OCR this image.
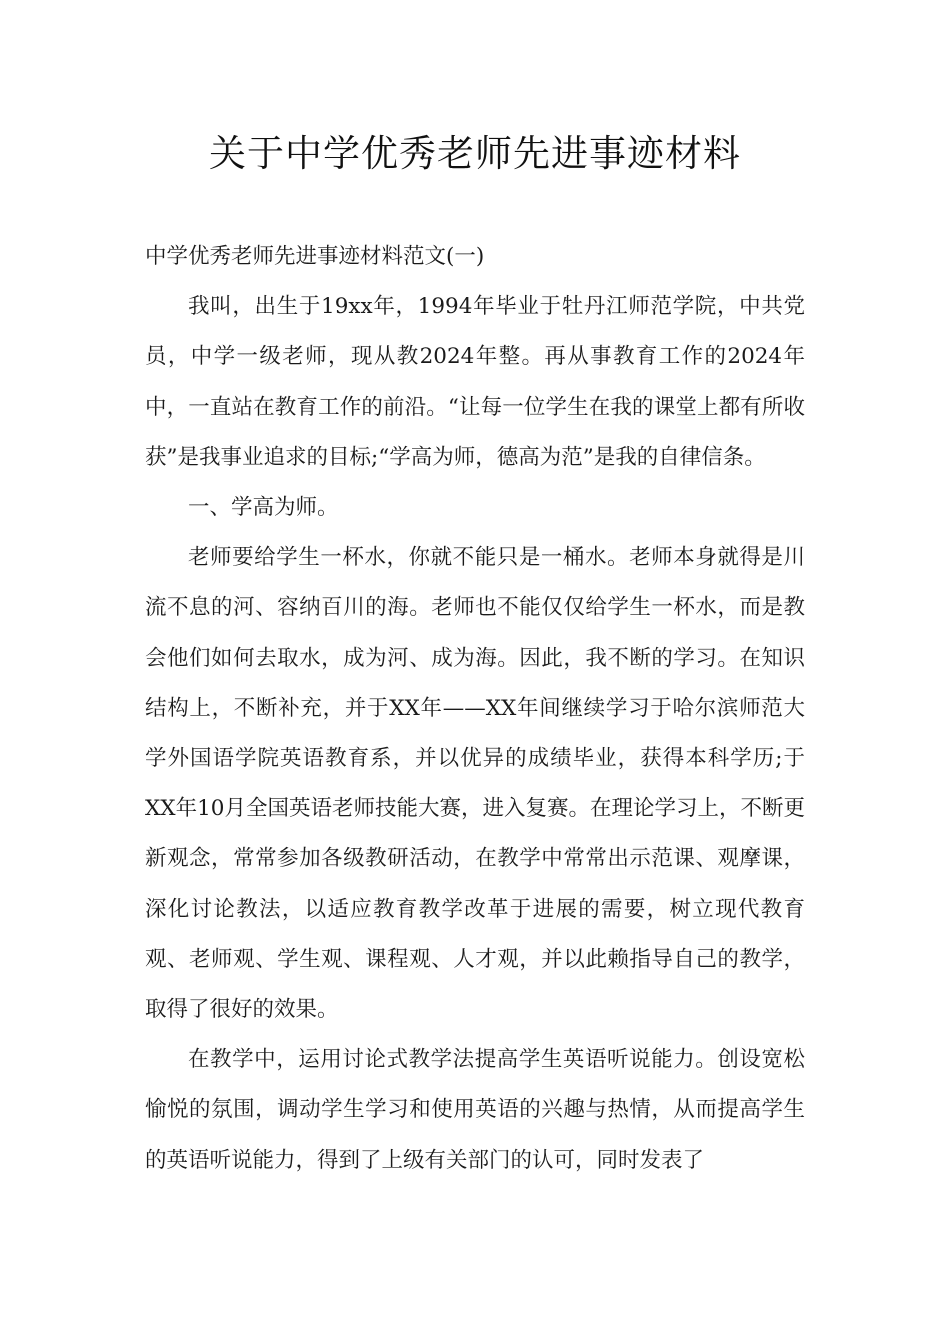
关于中学优秀老师先进事迹材料

中学优秀老师先进事迹材料范文(一)

我叫，出生于19xx年，1994年毕业于牡丹江师范学院，中共党员，中学一级老师，现从教2024年整。再从事教育工作的2024年中，一直站在教育工作的前沿。“让每一位学生在我的课堂上都有所收获”是我事业追求的目标;“学高为师，德高为范”是我的自律信条。

一、学高为师。

老师要给学生一杯水，你就不能只是一桶水。老师本身就得是川流不息的河、容纳百川的海。老师也不能仅仅给学生一杯水，而是教会他们如何去取水，成为河、成为海。因此，我不断的学习。在知识结构上，不断补充，并于XX年——XX年间继续学习于哈尔滨师范大学外国语学院英语教育系，并以优异的成绩毕业，获得本科学历;于XX年10月全国英语老师技能大赛，进入复赛。在理论学习上，不断更新观念，常常参加各级教研活动，在教学中常常出示范课、观摩课，深化讨论教法，以适应教育教学改革于进展的需要，树立现代教育观、老师观、学生观、课程观、人才观，并以此赖指导自己的教学，取得了很好的效果。

在教学中，运用讨论式教学法提高学生英语听说能力。创设宽松愉悦的氛围，调动学生学习和使用英语的兴趣与热情，从而提高学生的英语听说能力，得到了上级有关部门的认可，同时发表了
